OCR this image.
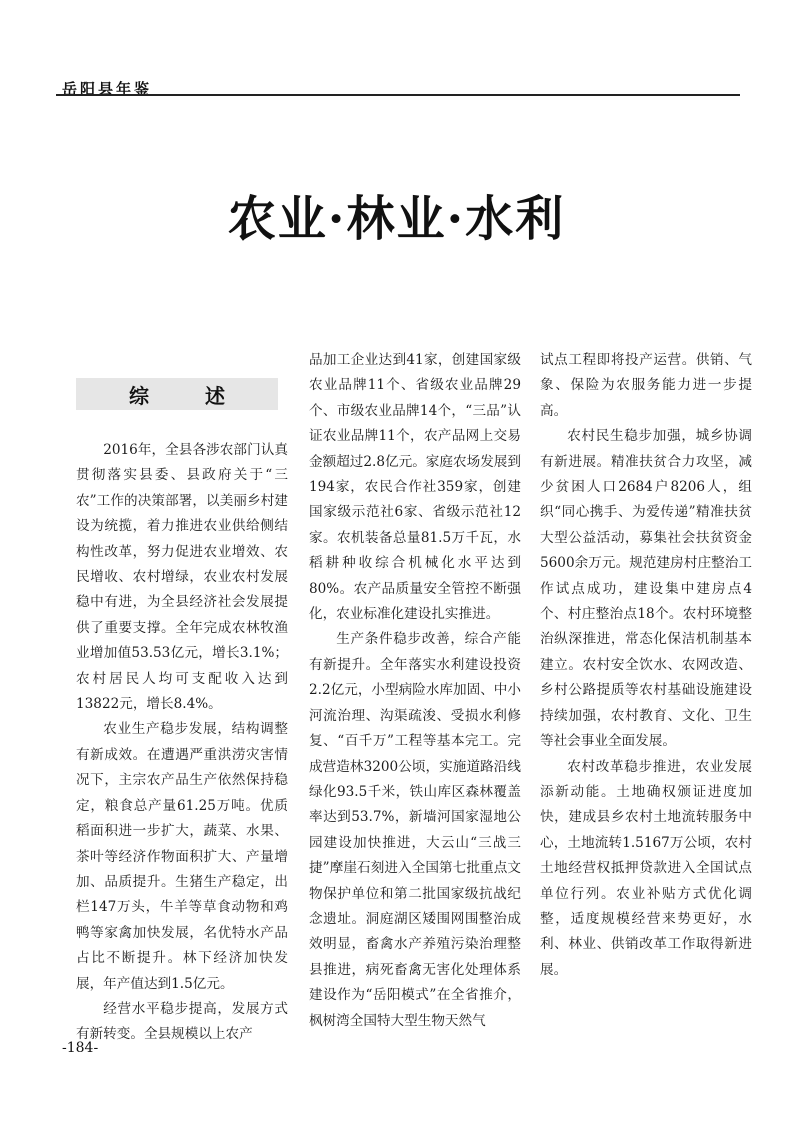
岳阳县年鉴
农业·林业·水利
综　述

2016年，全县各涉农部门认真贯彻落实县委、县政府关于“三农”工作的决策部署，以美丽乡村建设为统揽，着力推进农业供给侧结构性改革，努力促进农业增效、农民增收、农村增绿，农业农村发展稳中有进，为全县经济社会发展提供了重要支撑。全年完成农林牧渔业增加值53.53亿元，增长3.1%；农村居民人均可支配收入达到13822元，增长8.4%。

农业生产稳步发展，结构调整有新成效。在遭遇严重洪涝灾害情况下，主宗农产品生产依然保持稳定，粮食总产量61.25万吨。优质稻面积进一步扩大，蔬菜、水果、茶叶等经济作物面积扩大、产量增加、品质提升。生猪生产稳定，出栏147万头，牛羊等草食动物和鸡鸭等家禽加快发展，名优特水产品占比不断提升。林下经济加快发展，年产值达到1.5亿元。

经营水平稳步提高，发展方式有新转变。全县规模以上农产

品加工企业达到41家，创建国家级农业品牌11个、省级农业品牌29个、市级农业品牌14个，“三品”认证农业品牌11个，农产品网上交易金额超过2.8亿元。家庭农场发展到194家，农民合作社359家，创建国家级示范社6家、省级示范社12家。农机装备总量81.5万千瓦，水稻耕种收综合机械化水平达到80%。农产品质量安全管控不断强化，农业标准化建设扎实推进。

生产条件稳步改善，综合产能有新提升。全年落实水利建设投资2.2亿元，小型病险水库加固、中小河流治理、沟渠疏浚、受损水利修复、“百千万”工程等基本完工。完成营造林3200公顷，实施道路沿线绿化93.5千米，铁山库区森林覆盖率达到53.7%，新墙河国家湿地公园建设加快推进，大云山“三战三捷”摩崖石刻进入全国第七批重点文物保护单位和第二批国家级抗战纪念遗址。洞庭湖区矮围网围整治成效明显，畜禽水产养殖污染治理整县推进，病死畜禽无害化处理体系建设作为“岳阳模式”在全省推介，枫树湾全国特大型生物天然气

试点工程即将投产运营。供销、气象、保险为农服务能力进一步提高。

农村民生稳步加强，城乡协调有新进展。精准扶贫合力攻坚，减少贫困人口2684户8206人，组织“同心携手、为爱传递”精准扶贫大型公益活动，募集社会扶贫资金5600余万元。规范建房村庄整治工作试点成功，建设集中建房点4个、村庄整治点18个。农村环境整治纵深推进，常态化保洁机制基本建立。农村安全饮水、农网改造、乡村公路提质等农村基础设施建设持续加强，农村教育、文化、卫生等社会事业全面发展。

农村改革稳步推进，农业发展添新动能。土地确权颁证进度加快，建成县乡农村土地流转服务中心，土地流转1.5167万公顷，农村土地经营权抵押贷款进入全国试点单位行列。农业补贴方式优化调整，适度规模经营来势更好，水利、林业、供销改革工作取得新进展。

-184-
